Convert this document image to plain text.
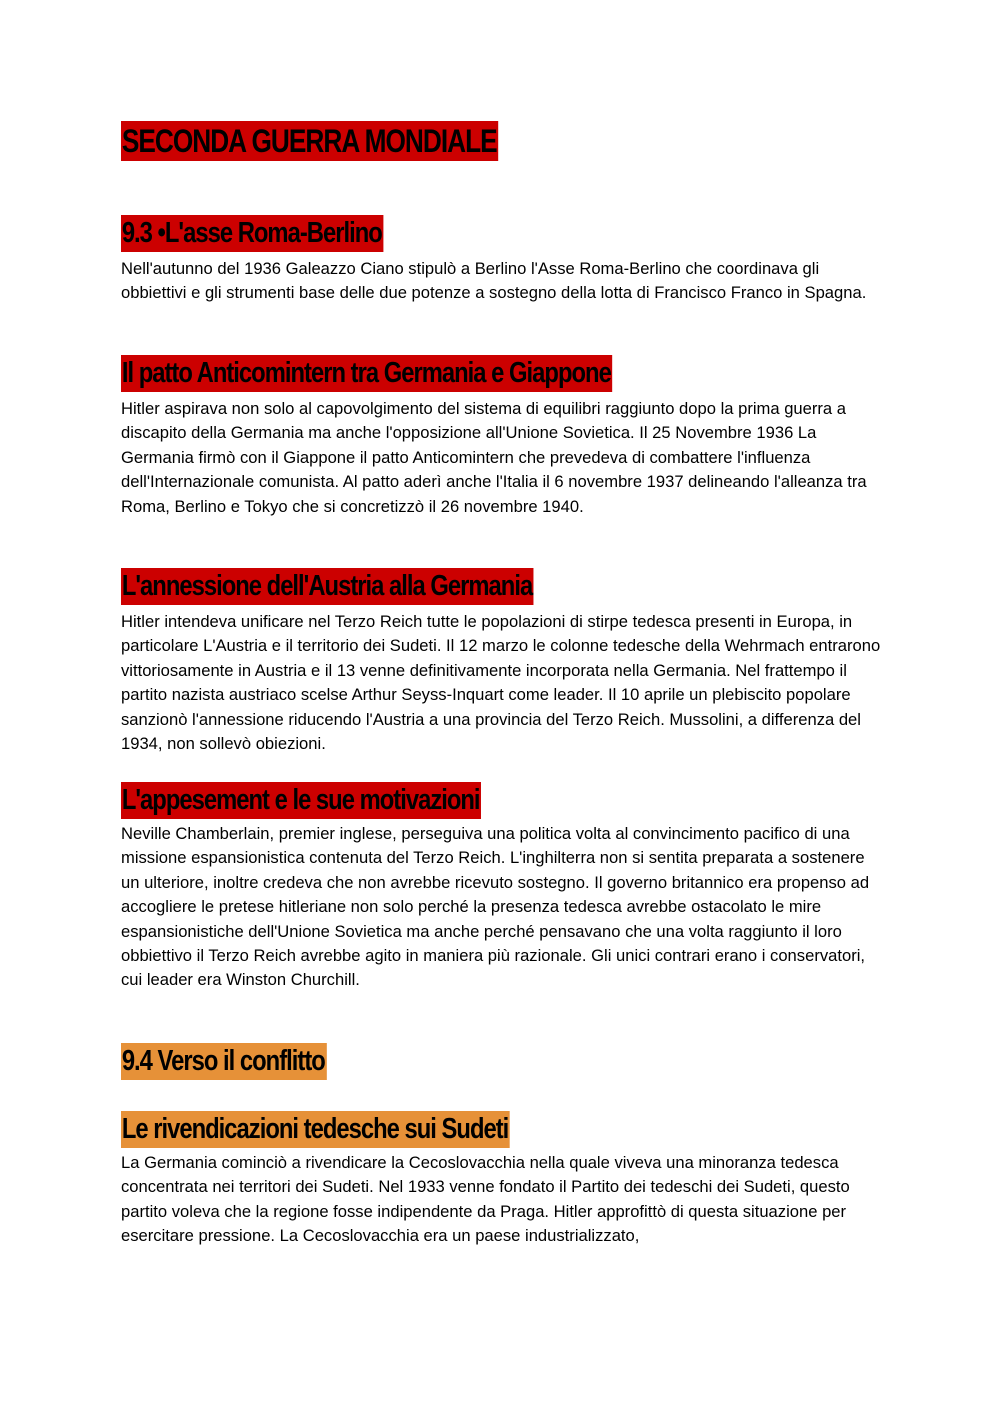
SECONDA GUERRA MONDIALE
9.3 •L'asse Roma-Berlino

Nell'autunno del 1936 Galeazzo Ciano stipulò a Berlino l'Asse Roma-Berlino che coordinava gli obbiettivi e gli strumenti base delle due potenze a sostegno della lotta di Francisco Franco in Spagna.

Il patto Anticomintern tra Germania e Giappone

Hitler aspirava non solo al capovolgimento del sistema di equilibri raggiunto dopo la prima guerra a discapito della Germania ma anche l'opposizione all'Unione Sovietica. Il 25 Novembre 1936 La Germania firmò con il Giappone il patto Anticomintern che prevedeva di combattere l'influenza dell'Internazionale comunista. Al patto aderì anche l'Italia il 6 novembre 1937 delineando l'alleanza tra Roma, Berlino e Tokyo che si concretizzò il 26 novembre 1940.

L'annessione dell'Austria alla Germania

Hitler intendeva unificare nel Terzo Reich tutte le popolazioni di stirpe tedesca presenti in Europa, in particolare L'Austria e il territorio dei Sudeti. Il 12 marzo le colonne tedesche della Wehrmach entrarono vittoriosamente in Austria e il 13 venne definitivamente incorporata nella Germania. Nel frattempo il partito nazista austriaco scelse Arthur Seyss-Inquart come leader. Il 10 aprile un plebiscito popolare sanzionò l'annessione riducendo l'Austria a una provincia del Terzo Reich. Mussolini, a differenza del 1934, non sollevò obiezioni.

L'appesement e le sue motivazioni

Neville Chamberlain, premier inglese, perseguiva una politica volta al convincimento pacifico di una missione espansionistica contenuta del Terzo Reich. L'inghilterra non si sentita preparata a sostenere un ulteriore, inoltre credeva che non avrebbe ricevuto sostegno. Il governo britannico era propenso ad accogliere le pretese hitleriane non solo perché la presenza tedesca avrebbe ostacolato le mire espansionistiche dell'Unione Sovietica ma anche perché pensavano che una volta raggiunto il loro obbiettivo il Terzo Reich avrebbe agito in maniera più razionale. Gli unici contrari erano i conservatori, cui leader era Winston Churchill.

9.4 Verso il conflitto
Le rivendicazioni tedesche sui Sudeti

La Germania cominciò a rivendicare la Cecoslovacchia nella quale viveva una minoranza tedesca concentrata nei territori dei Sudeti. Nel 1933 venne fondato il Partito dei tedeschi dei Sudeti, questo partito voleva che la regione fosse indipendente da Praga. Hitler approfittò di questa situazione per esercitare pressione. La Cecoslovacchia era un paese industrializzato,
